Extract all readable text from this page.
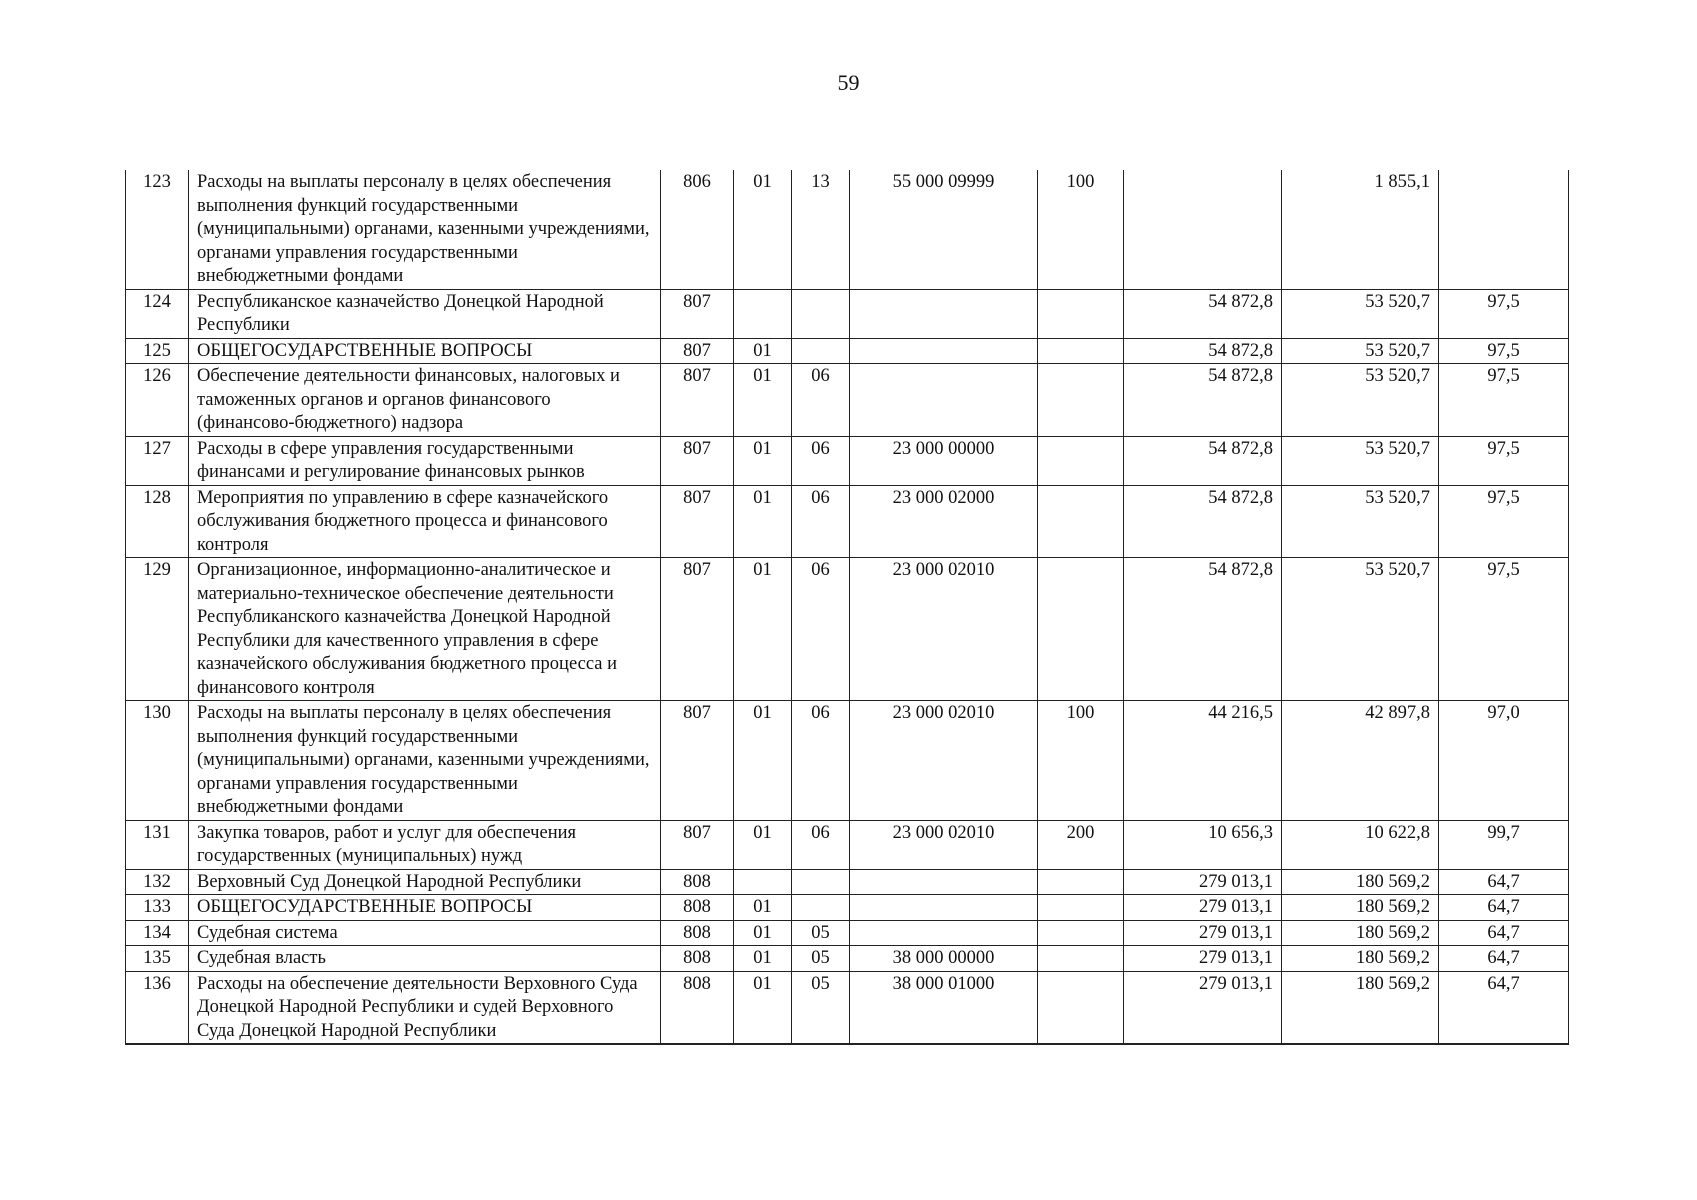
59
123	Расходы на выплаты персоналу в целях обеспечения выполнения функций государственными (муниципальными) органами, казенными учреждениями, органами управления государственными внебюджетными фондами	806	01	13	55 000 09999	100		1 855,1	
124	Республиканское казначейство Донецкой Народной Республики	807					54 872,8	53 520,7	97,5
125	ОБЩЕГОСУДАРСТВЕННЫЕ ВОПРОСЫ	807	01				54 872,8	53 520,7	97,5
126	Обеспечение деятельности финансовых, налоговых и таможенных органов и органов финансового (финансово-бюджетного) надзора	807	01	06			54 872,8	53 520,7	97,5
127	Расходы в сфере управления государственными финансами и регулирование финансовых рынков	807	01	06	23 000 00000		54 872,8	53 520,7	97,5
128	Мероприятия по управлению в сфере казначейского обслуживания бюджетного процесса и финансового контроля	807	01	06	23 000 02000		54 872,8	53 520,7	97,5
129	Организационное, информационно-аналитическое и материально-техническое обеспечение деятельности Республиканского казначейства Донецкой Народной Республики для качественного управления в сфере казначейского обслуживания бюджетного процесса и финансового контроля	807	01	06	23 000 02010		54 872,8	53 520,7	97,5
130	Расходы на выплаты персоналу в целях обеспечения выполнения функций государственными (муниципальными) органами, казенными учреждениями, органами управления государственными внебюджетными фондами	807	01	06	23 000 02010	100	44 216,5	42 897,8	97,0
131	Закупка товаров, работ и услуг для обеспечения государственных (муниципальных) нужд	807	01	06	23 000 02010	200	10 656,3	10 622,8	99,7
132	Верховный Суд Донецкой Народной Республики	808					279 013,1	180 569,2	64,7
133	ОБЩЕГОСУДАРСТВЕННЫЕ ВОПРОСЫ	808	01				279 013,1	180 569,2	64,7
134	Судебная система	808	01	05			279 013,1	180 569,2	64,7
135	Судебная власть	808	01	05	38 000 00000		279 013,1	180 569,2	64,7
136	Расходы на обеспечение деятельности Верховного Суда Донецкой Народной Республики и судей Верховного Суда Донецкой Народной Республики	808	01	05	38 000 01000		279 013,1	180 569,2	64,7
